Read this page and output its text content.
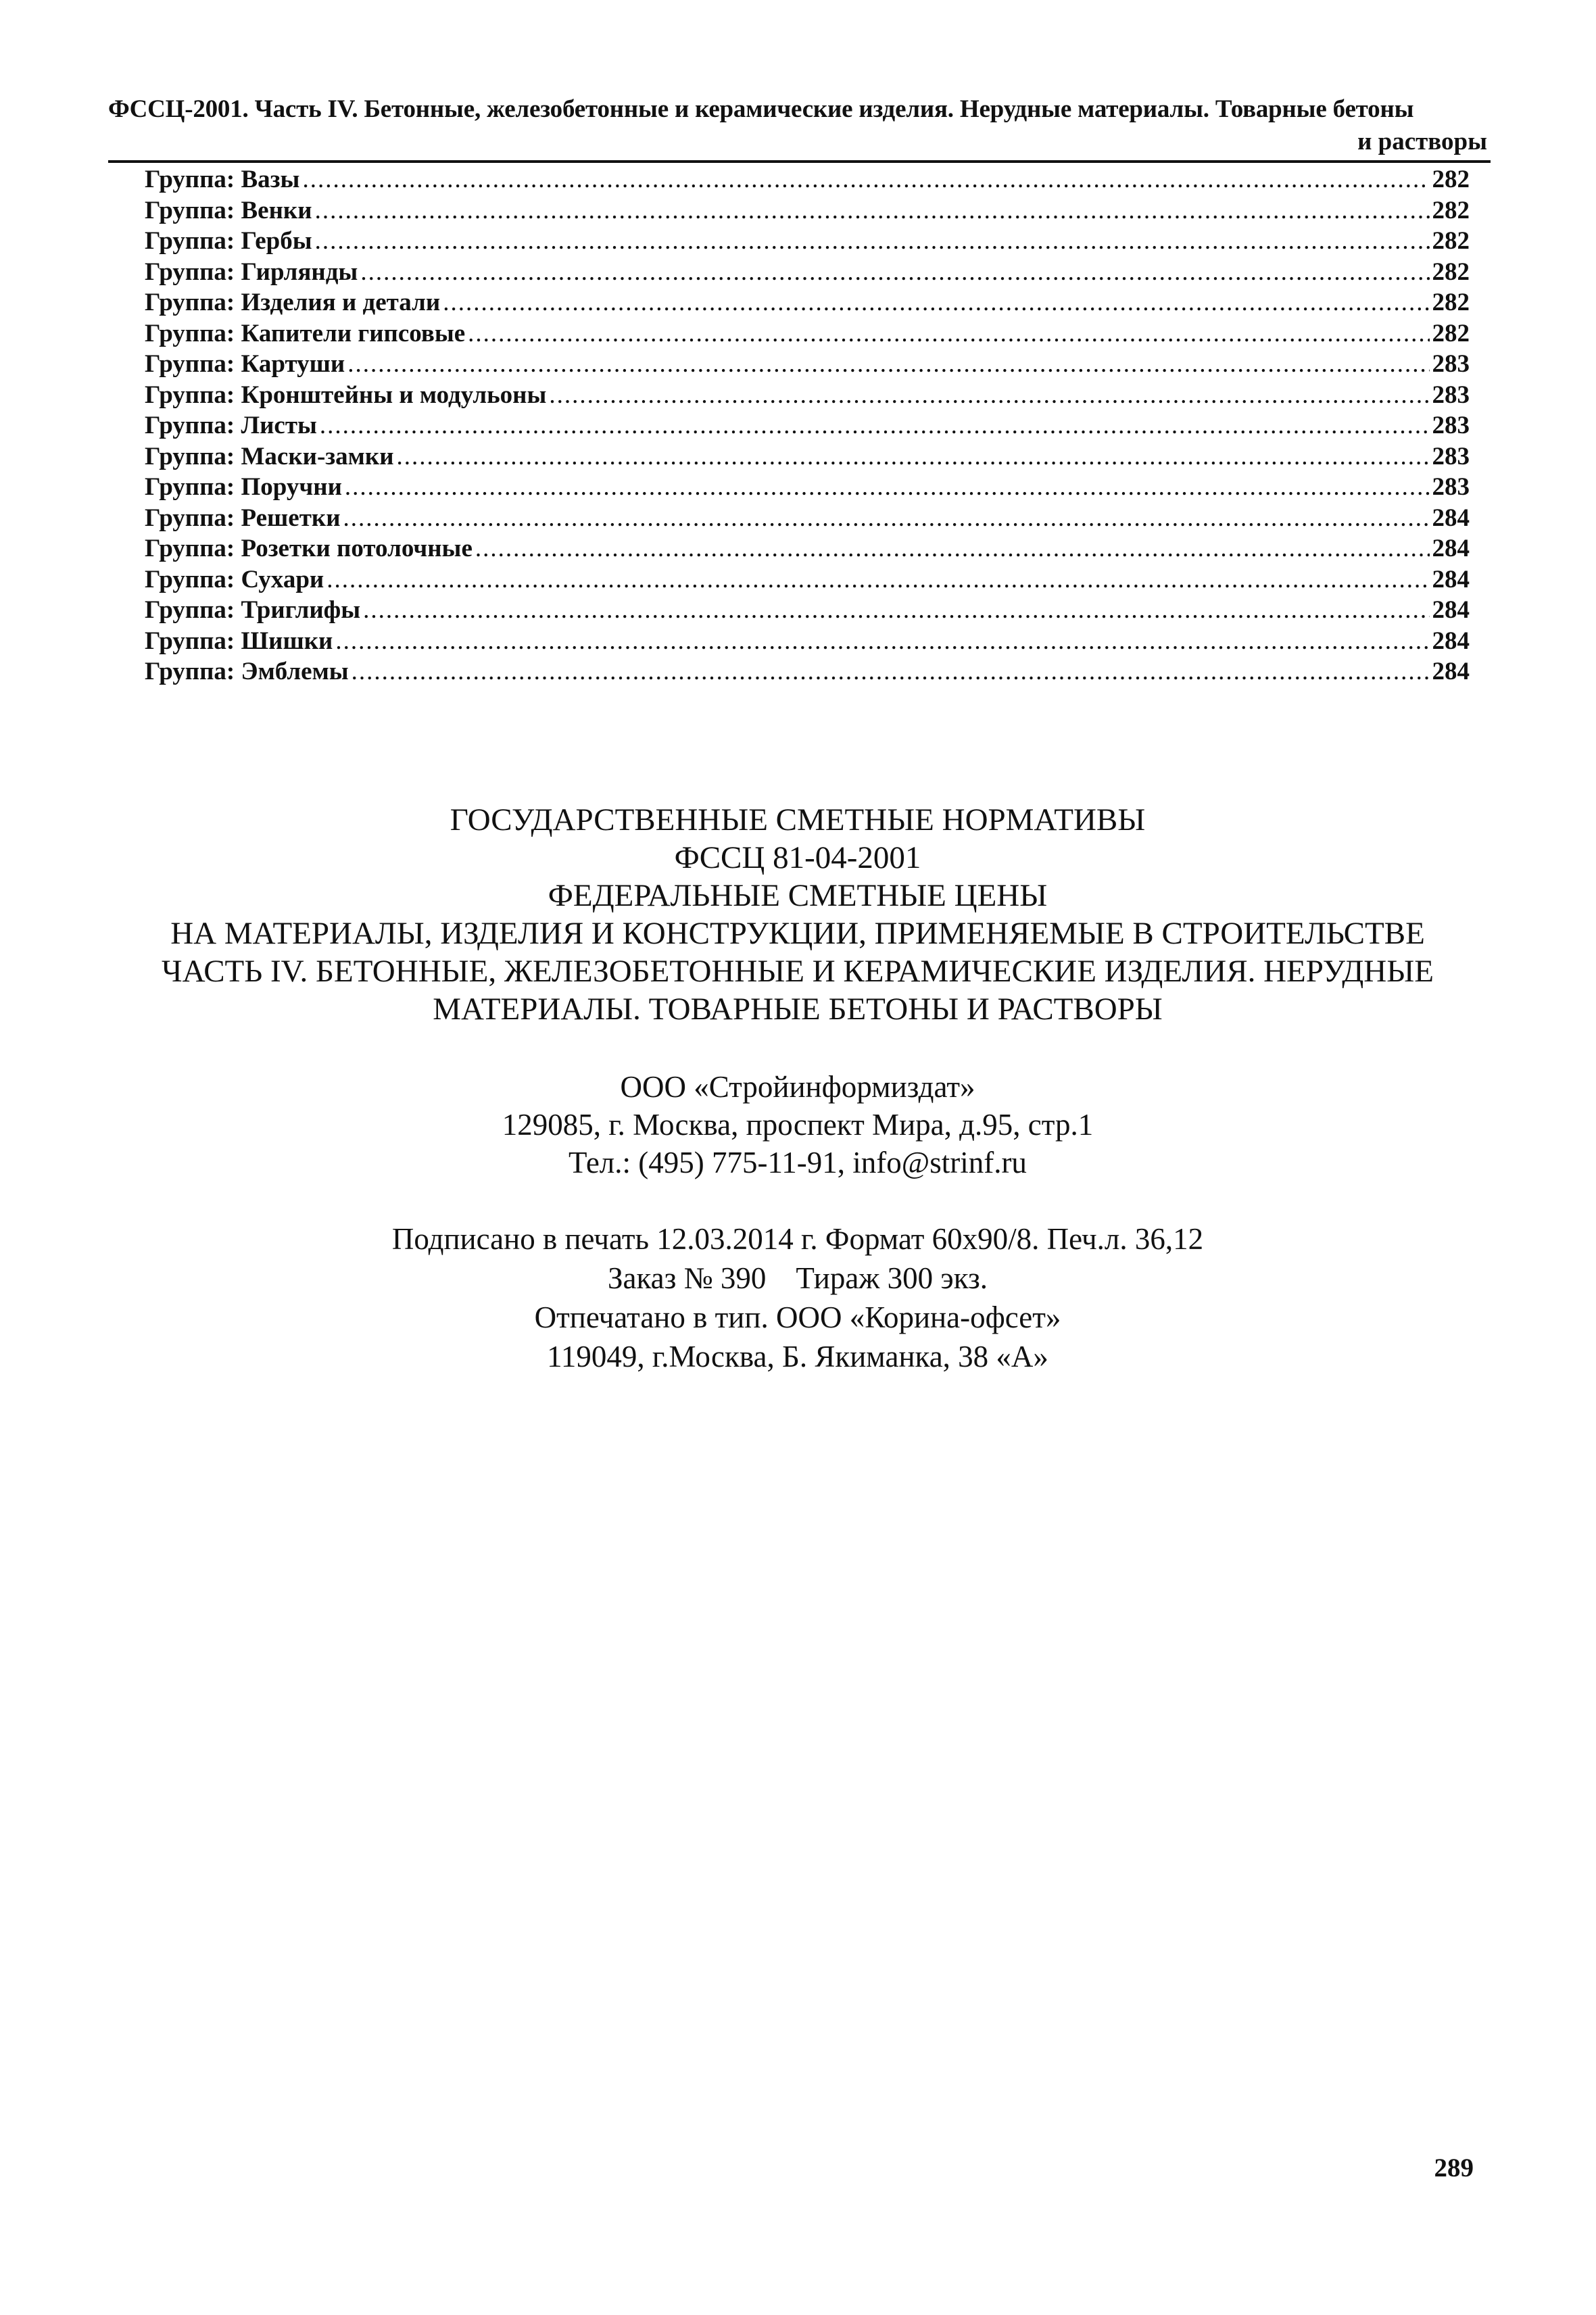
ФССЦ-2001. Часть IV. Бетонные, железобетонные и керамические изделия. Нерудные материалы. Товарные бетоны
и растворы
Группа: Вазы .....	282
Группа: Венки .....	282
Группа: Гербы .....	282
Группа: Гирлянды .....	282
Группа: Изделия и детали .....	282
Группа: Капители гипсовые .....	282
Группа: Картуши .....	283
Группа: Кронштейны и модульоны .....	283
Группа: Листы .....	283
Группа: Маски-замки .....	283
Группа: Поручни .....	283
Группа: Решетки .....	284
Группа: Розетки потолочные .....	284
Группа: Сухари .....	284
Группа: Триглифы .....	284
Группа: Шишки .....	284
Группа: Эмблемы .....	284
ГОСУДАРСТВЕННЫЕ СМЕТНЫЕ НОРМАТИВЫ
ФССЦ 81-04-2001
ФЕДЕРАЛЬНЫЕ СМЕТНЫЕ ЦЕНЫ
НА МАТЕРИАЛЫ, ИЗДЕЛИЯ И КОНСТРУКЦИИ, ПРИМЕНЯЕМЫЕ В СТРОИТЕЛЬСТВЕ
ЧАСТЬ IV. БЕТОННЫЕ, ЖЕЛЕЗОБЕТОННЫЕ И КЕРАМИЧЕСКИЕ ИЗДЕЛИЯ. НЕРУДНЫЕ
МАТЕРИАЛЫ. ТОВАРНЫЕ БЕТОНЫ И РАСТВОРЫ
ООО «Стройинформиздат»
129085, г. Москва, проспект Мира, д.95, стр.1
Тел.: (495) 775-11-91, info@strinf.ru
Подписано в печать 12.03.2014 г. Формат 60х90/8. Печ.л. 36,12
Заказ № 390 Тираж 300 экз.
Отпечатано в тип. ООО «Корина-офсет»
119049, г.Москва, Б. Якиманка, 38 «А»
289
